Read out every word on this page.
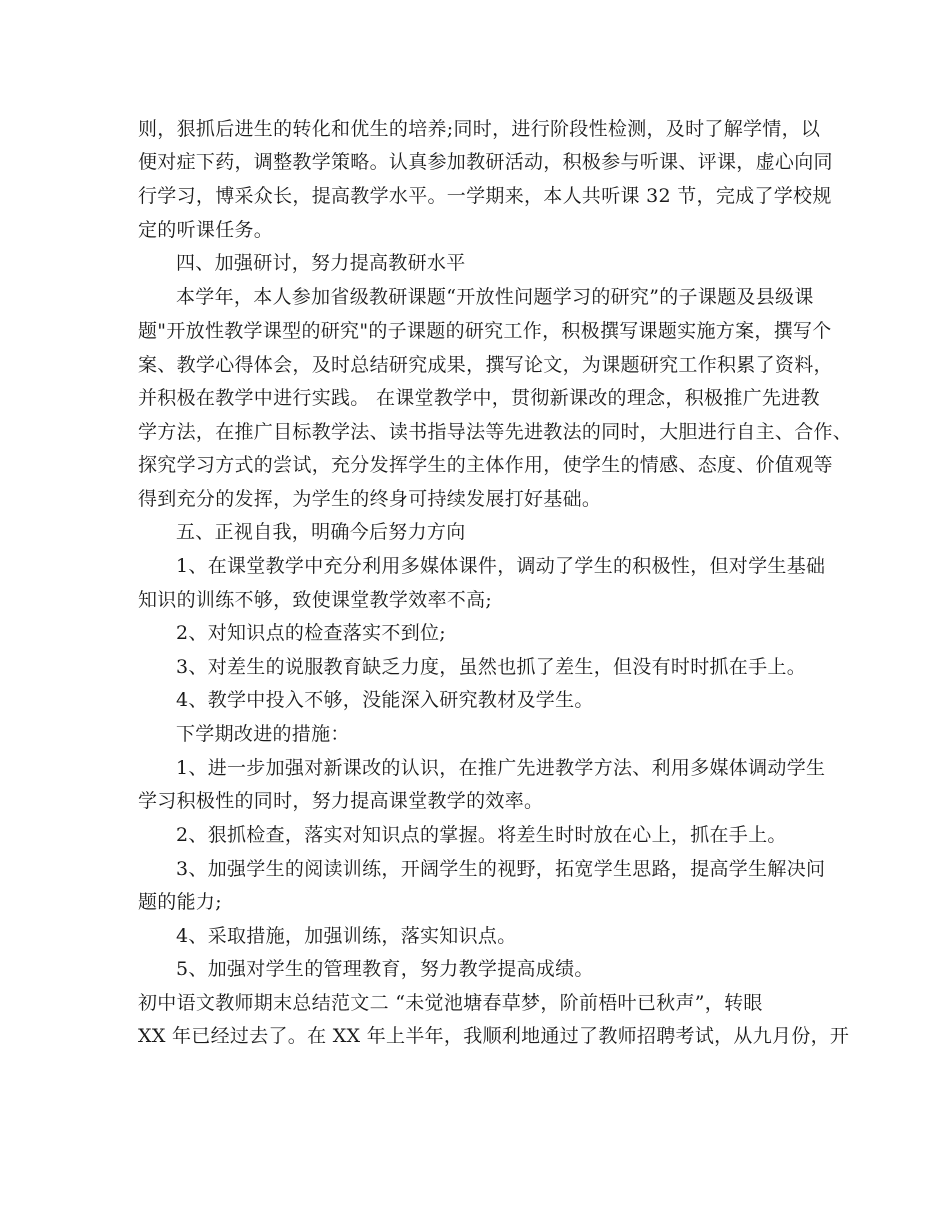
则，狠抓后进生的转化和优生的培养;同时，进行阶段性检测，及时了解学情，以
便对症下药，调整教学策略。认真参加教研活动，积极参与听课、评课，虚心向同
行学习，博采众长，提高教学水平。一学期来，本人共听课 32 节，完成了学校规
定的听课任务。
四、加强研讨，努力提高教研水平
本学年，本人参加省级教研课题“开放性问题学习的研究”的子课题及县级课
题"开放性教学课型的研究"的子课题的研究工作，积极撰写课题实施方案，撰写个
案、教学心得体会，及时总结研究成果，撰写论文，为课题研究工作积累了资料，
并积极在教学中进行实践。 在课堂教学中，贯彻新课改的理念，积极推广先进教
学方法，在推广目标教学法、读书指导法等先进教法的同时，大胆进行自主、合作、
探究学习方式的尝试，充分发挥学生的主体作用，使学生的情感、态度、价值观等
得到充分的发挥，为学生的终身可持续发展打好基础。
五、正视自我，明确今后努力方向
1、在课堂教学中充分利用多媒体课件，调动了学生的积极性，但对学生基础
知识的训练不够，致使课堂教学效率不高;
2、对知识点的检查落实不到位;
3、对差生的说服教育缺乏力度，虽然也抓了差生，但没有时时抓在手上。
4、教学中投入不够，没能深入研究教材及学生。
下学期改进的措施：
1、进一步加强对新课改的认识，在推广先进教学方法、利用多媒体调动学生
学习积极性的同时，努力提高课堂教学的效率。
2、狠抓检查，落实对知识点的掌握。将差生时时放在心上，抓在手上。
3、加强学生的阅读训练，开阔学生的视野，拓宽学生思路，提高学生解决问
题的能力;
4、采取措施，加强训练，落实知识点。
5、加强对学生的管理教育，努力教学提高成绩。
初中语文教师期末总结范文二 “未觉池塘春草梦，阶前梧叶已秋声”，转眼
XX 年已经过去了。在 XX 年上半年，我顺利地通过了教师招聘考试，从九月份，开
